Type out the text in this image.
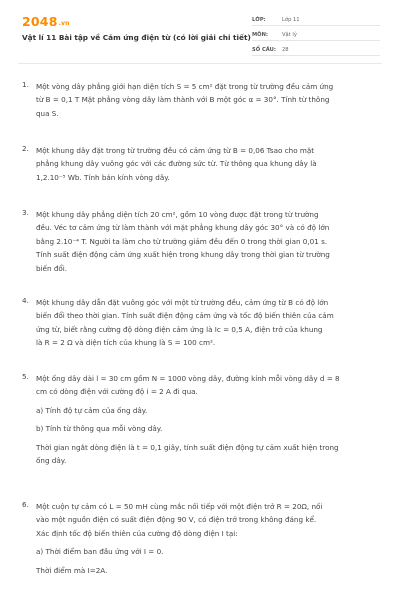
2048.vn
Vật lí 11 Bài tập về Cảm ứng điện từ (có lời giải chi tiết)
LỚP:	Lớp 11
MÔN:	Vật lý
SỐ CÂU:	28
1. Một vòng dây phẳng giới hạn diện tích S = 5 cm² đặt trong từ trường đều cảm ứng

từ B = 0,1 T Mặt phẳng vòng dây làm thành với B một góc α = 30°. Tính từ thông

qua S.

2. Một khung dây đặt trong từ trường đều có cảm ứng từ B = 0,06 Tsao cho mặt

phẳng khung dây vuông góc với các đường sức từ. Từ thông qua khung dây là

1,2.10⁻⁵ Wb. Tính bán kính vòng dây.

3. Một khung dây phẳng diện tích 20 cm², gồm 10 vòng được đặt trong từ trường

đều. Véc tơ cảm ứng từ làm thành với mặt phẳng khung dây góc 30° và có độ lớn

bằng 2.10⁻⁴ T. Người ta làm cho từ trường giảm đều đến 0 trong thời gian 0,01 s.

Tính suất điện động cảm ứng xuất hiện trong khung dây trong thời gian từ trường

biến đổi.

4. Một khung dây dẫn đặt vuông góc với một từ trường đều, cảm ứng từ B có độ lớn

biến đổi theo thời gian. Tính suất điện động cảm ứng và tốc độ biến thiên của cảm

ứng từ, biết rằng cường độ dòng điện cảm ứng là Ic = 0,5 A, điện trở của khung

là R = 2 Ω và diện tích của khung là S = 100 cm².

5. Một ống dây dài l = 30 cm gồm N = 1000 vòng dây, đường kính mỗi vòng dây d = 8

cm có dòng điện với cường độ i = 2 A đi qua.

a) Tính độ tự cảm của ống dây.

b) Tính từ thông qua mỗi vòng dây.

Thời gian ngắt dòng điện là t = 0,1 giây, tính suất điện động tự cảm xuất hiện trong

ống dây.

6. Một cuộn tự cảm có L = 50 mH cùng mắc nối tiếp với một điện trở R = 20Ω, nối

vào một nguồn điện có suất điện động 90 V, có điện trở trong không đáng kể.

Xác định tốc độ biến thiên của cường độ dòng điện I tại:

a) Thời điểm ban đầu ứng với I = 0.

Thời điểm mà I=2A.
